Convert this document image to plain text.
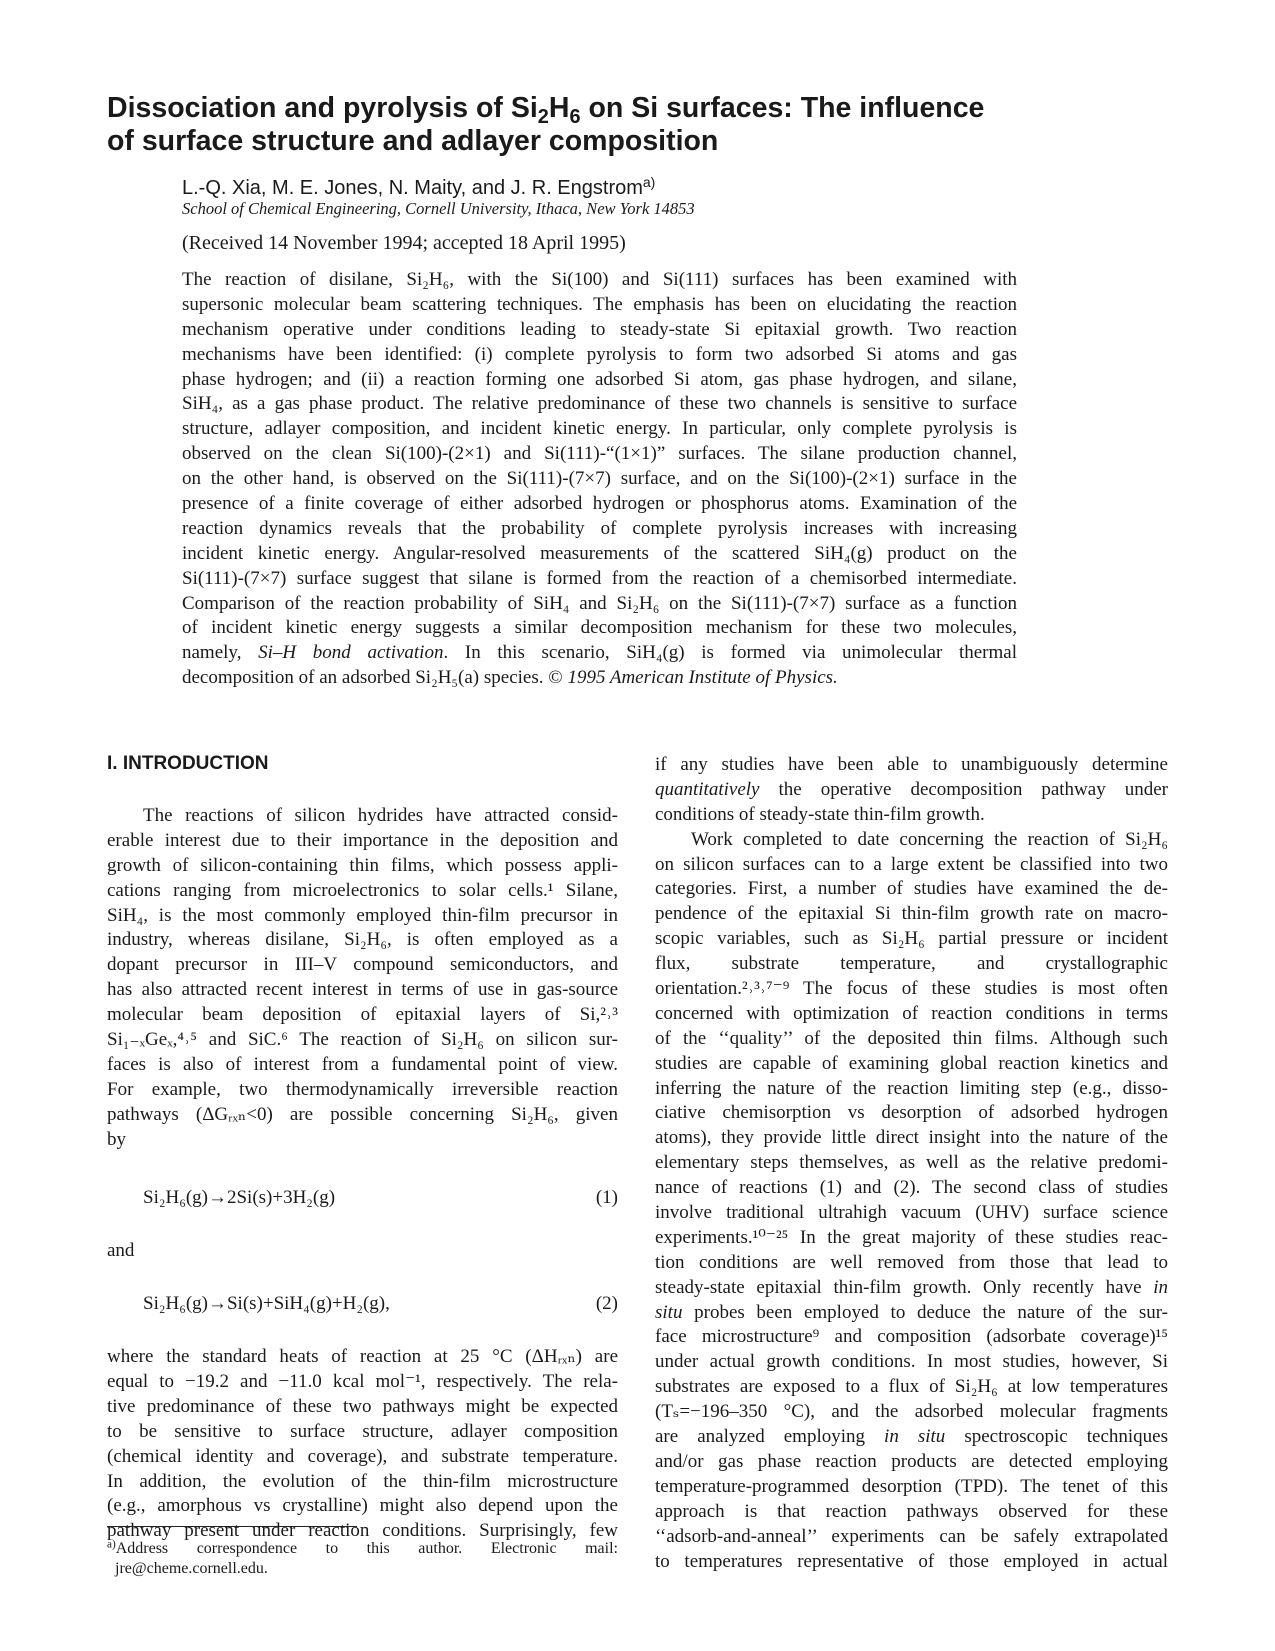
Dissociation and pyrolysis of $Si_2H_6$ on Si surfaces: The influence
of surface structure and adlayer composition
L.-Q. Xia, M. E. Jones, N. Maity, and J. R. Engstrom$^{a)}$
School of Chemical Engineering, Cornell University, Ithaca, New York 14853
(Received 14 November 1994; accepted 18 April 1995)
The reaction of disilane, Si₂H₆, with the Si(100) and Si(111) surfaces has been examined with
supersonic molecular beam scattering techniques. The emphasis has been on elucidating the reaction
mechanism operative under conditions leading to steady-state Si epitaxial growth. Two reaction
mechanisms have been identified: (i) complete pyrolysis to form two adsorbed Si atoms and gas
phase hydrogen; and (ii) a reaction forming one adsorbed Si atom, gas phase hydrogen, and silane,
SiH₄, as a gas phase product. The relative predominance of these two channels is sensitive to surface
structure, adlayer composition, and incident kinetic energy. In particular, only complete pyrolysis is
observed on the clean Si(100)-(2×1) and Si(111)-“(1×1)” surfaces. The silane production channel,
on the other hand, is observed on the Si(111)-(7×7) surface, and on the Si(100)-(2×1) surface in the
presence of a finite coverage of either adsorbed hydrogen or phosphorus atoms. Examination of the
reaction dynamics reveals that the probability of complete pyrolysis increases with increasing
incident kinetic energy. Angular-resolved measurements of the scattered SiH₄(g) product on the
Si(111)-(7×7) surface suggest that silane is formed from the reaction of a chemisorbed intermediate.
Comparison of the reaction probability of SiH₄ and Si₂H₆ on the Si(111)-(7×7) surface as a function
of incident kinetic energy suggests a similar decomposition mechanism for these two molecules,
namely, Si–H bond activation. In this scenario, SiH₄(g) is formed via unimolecular thermal
decomposition of an adsorbed Si₂H₅(a) species. © 1995 American Institute of Physics.
I. INTRODUCTION
The reactions of silicon hydrides have attracted consid-
erable interest due to their importance in the deposition and
growth of silicon-containing thin films, which possess appli-
cations ranging from microelectronics to solar cells.¹ Silane,
SiH₄, is the most commonly employed thin-film precursor in
industry, whereas disilane, Si₂H₆, is often employed as a
dopant precursor in III–V compound semiconductors, and
has also attracted recent interest in terms of use in gas-source
molecular beam deposition of epitaxial layers of Si,²˒³
Si₁₋ₓGeₓ,⁴˒⁵ and SiC.⁶ The reaction of Si₂H₆ on silicon sur-
faces is also of interest from a fundamental point of view.
For example, two thermodynamically irreversible reaction
pathways (ΔGᵣₓₙ<0) are possible concerning Si₂H₆, given
by
Si₂H₆(g)→2Si(s)+3H₂(g)	(1)
and
Si₂H₆(g)→Si(s)+SiH₄(g)+H₂(g),	(2)
where the standard heats of reaction at 25 °C (ΔHᵣₓₙ) are
equal to −19.2 and −11.0 kcal mol⁻¹, respectively. The rela-
tive predominance of these two pathways might be expected
to be sensitive to surface structure, adlayer composition
(chemical identity and coverage), and substrate temperature.
In addition, the evolution of the thin-film microstructure
(e.g., amorphous vs crystalline) might also depend upon the
pathway present under reaction conditions. Surprisingly, few
$^{a)}$Address correspondence to this author. Electronic mail:
jre@cheme.cornell.edu.
if any studies have been able to unambiguously determine
quantitatively the operative decomposition pathway under
conditions of steady-state thin-film growth.
Work completed to date concerning the reaction of Si₂H₆
on silicon surfaces can to a large extent be classified into two
categories. First, a number of studies have examined the de-
pendence of the epitaxial Si thin-film growth rate on macro-
scopic variables, such as Si₂H₆ partial pressure or incident
flux, substrate temperature, and crystallographic
orientation.²˒³˒⁷⁻⁹ The focus of these studies is most often
concerned with optimization of reaction conditions in terms
of the ‘‘quality’’ of the deposited thin films. Although such
studies are capable of examining global reaction kinetics and
inferring the nature of the reaction limiting step (e.g., disso-
ciative chemisorption vs desorption of adsorbed hydrogen
atoms), they provide little direct insight into the nature of the
elementary steps themselves, as well as the relative predomi-
nance of reactions (1) and (2). The second class of studies
involve traditional ultrahigh vacuum (UHV) surface science
experiments.¹⁰⁻²⁵ In the great majority of these studies reac-
tion conditions are well removed from those that lead to
steady-state epitaxial thin-film growth. Only recently have in
situ probes been employed to deduce the nature of the sur-
face microstructure⁹ and composition (adsorbate coverage)¹⁵
under actual growth conditions. In most studies, however, Si
substrates are exposed to a flux of Si₂H₆ at low temperatures
(Tₛ=−196–350 °C), and the adsorbed molecular fragments
are analyzed employing in situ spectroscopic techniques
and/or gas phase reaction products are detected employing
temperature-programmed desorption (TPD). The tenet of this
approach is that reaction pathways observed for these
‘‘adsorb-and-anneal’’ experiments can be safely extrapolated
to temperatures representative of those employed in actual
